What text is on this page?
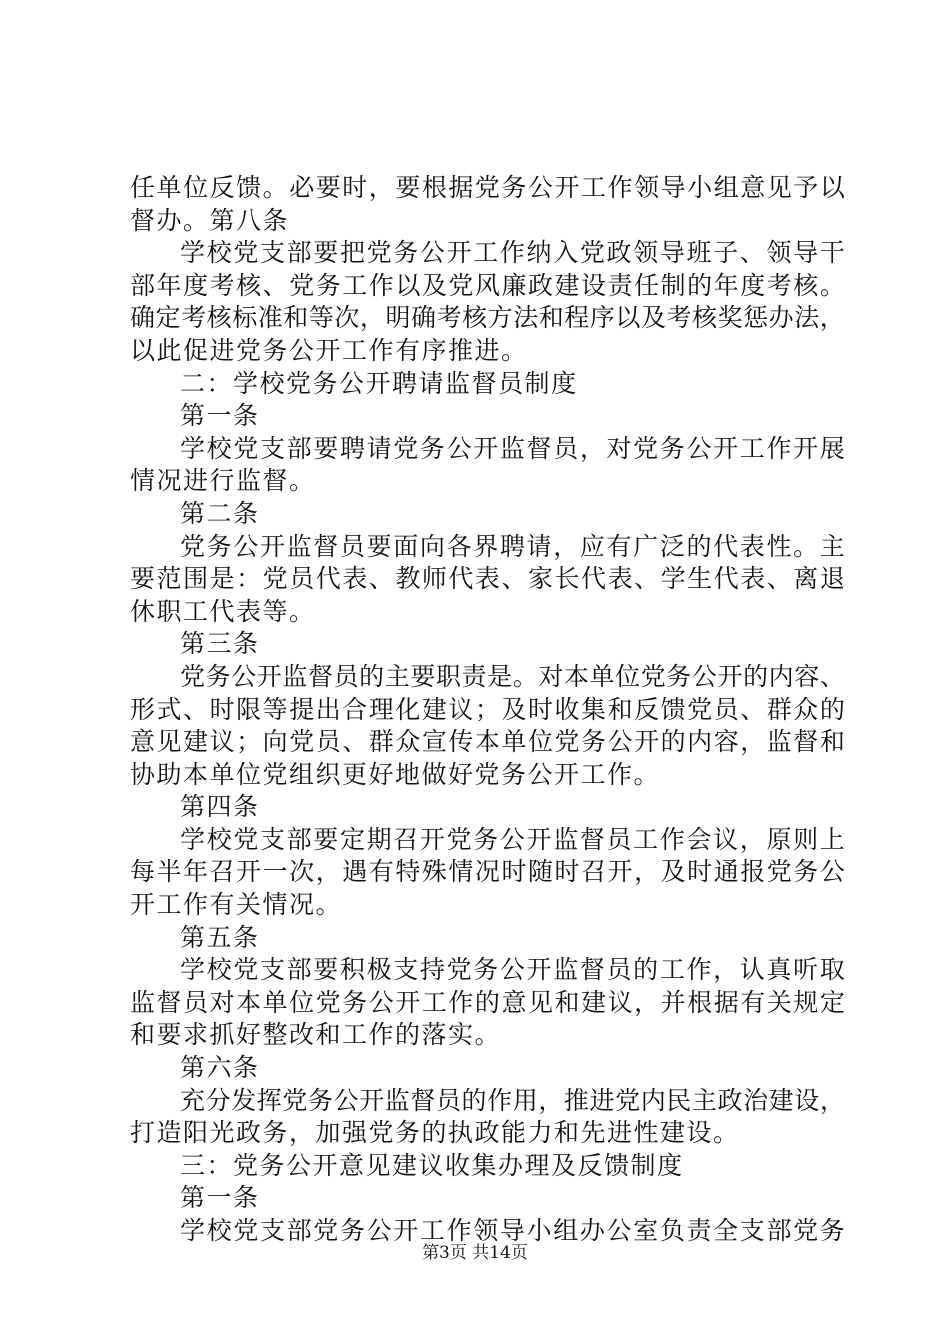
任 单 位 反 馈 。 必 要 时 ， 要 根 据 党 务 公 开 工 作 领 导 小 组 意 见 予 以
督办。第八条
学 校 党 支 部 要 把 党 务 公 开 工 作 纳 入 党 政 领 导 班 子 、 领 导 干
部 年 度 考 核 、 党 务 工 作 以 及 党 风 廉 政 建 设 责 任 制 的 年 度 考 核 。
确 定 考 核 标 准 和 等 次 ， 明 确 考 核 方 法 和 程 序 以 及 考 核 奖 惩 办 法 ，
以此促进党务公开工作有序推进。
二：学校党务公开聘请监督员制度
第一条
学 校 党 支 部 要 聘 请 党 务 公 开 监 督 员 ， 对 党 务 公 开 工 作 开 展
情况进行监督。
第二条
党 务 公 开 监 督 员 要 面 向 各 界 聘 请 ， 应 有 广 泛 的 代 表 性 。 主
要 范 围 是 ： 党 员 代 表 、 教 师 代 表 、 家 长 代 表 、 学 生 代 表 、 离 退
休职工代表等。
第三条
党 务 公 开 监 督 员 的 主 要 职 责 是 。 对 本 单 位 党 务 公 开 的 内 容 、
形 式 、 时 限 等 提 出 合 理 化 建 议 ； 及 时 收 集 和 反 馈 党 员 、 群 众 的
意 见 建 议 ； 向 党 员 、 群 众 宣 传 本 单 位 党 务 公 开 的 内 容 ， 监 督 和
协助本单位党组织更好地做好党务公开工作。
第四条
学 校 党 支 部 要 定 期 召 开 党 务 公 开 监 督 员 工 作 会 议 ， 原 则 上
每 半 年 召 开 一 次 ， 遇 有 特 殊 情 况 时 随 时 召 开 ， 及 时 通 报 党 务 公
开工作有关情况。
第五条
学 校 党 支 部 要 积 极 支 持 党 务 公 开 监 督 员 的 工 作 ， 认 真 听 取
监 督 员 对 本 单 位 党 务 公 开 工 作 的 意 见 和 建 议 ， 并 根 据 有 关 规 定
和要求抓好整改和工作的落实。
第六条
充 分 发 挥 党 务 公 开 监 督 员 的 作 用 ， 推 进 党 内 民 主 政 治 建 设 ，
打造阳光政务，加强党务的执政能力和先进性建设。
三：党务公开意见建议收集办理及反馈制度
第一条
学 校 党 支 部 党 务 公 开 工 作 领 导 小 组 办 公 室 负 责 全 支 部 党 务
第3页 共14页
